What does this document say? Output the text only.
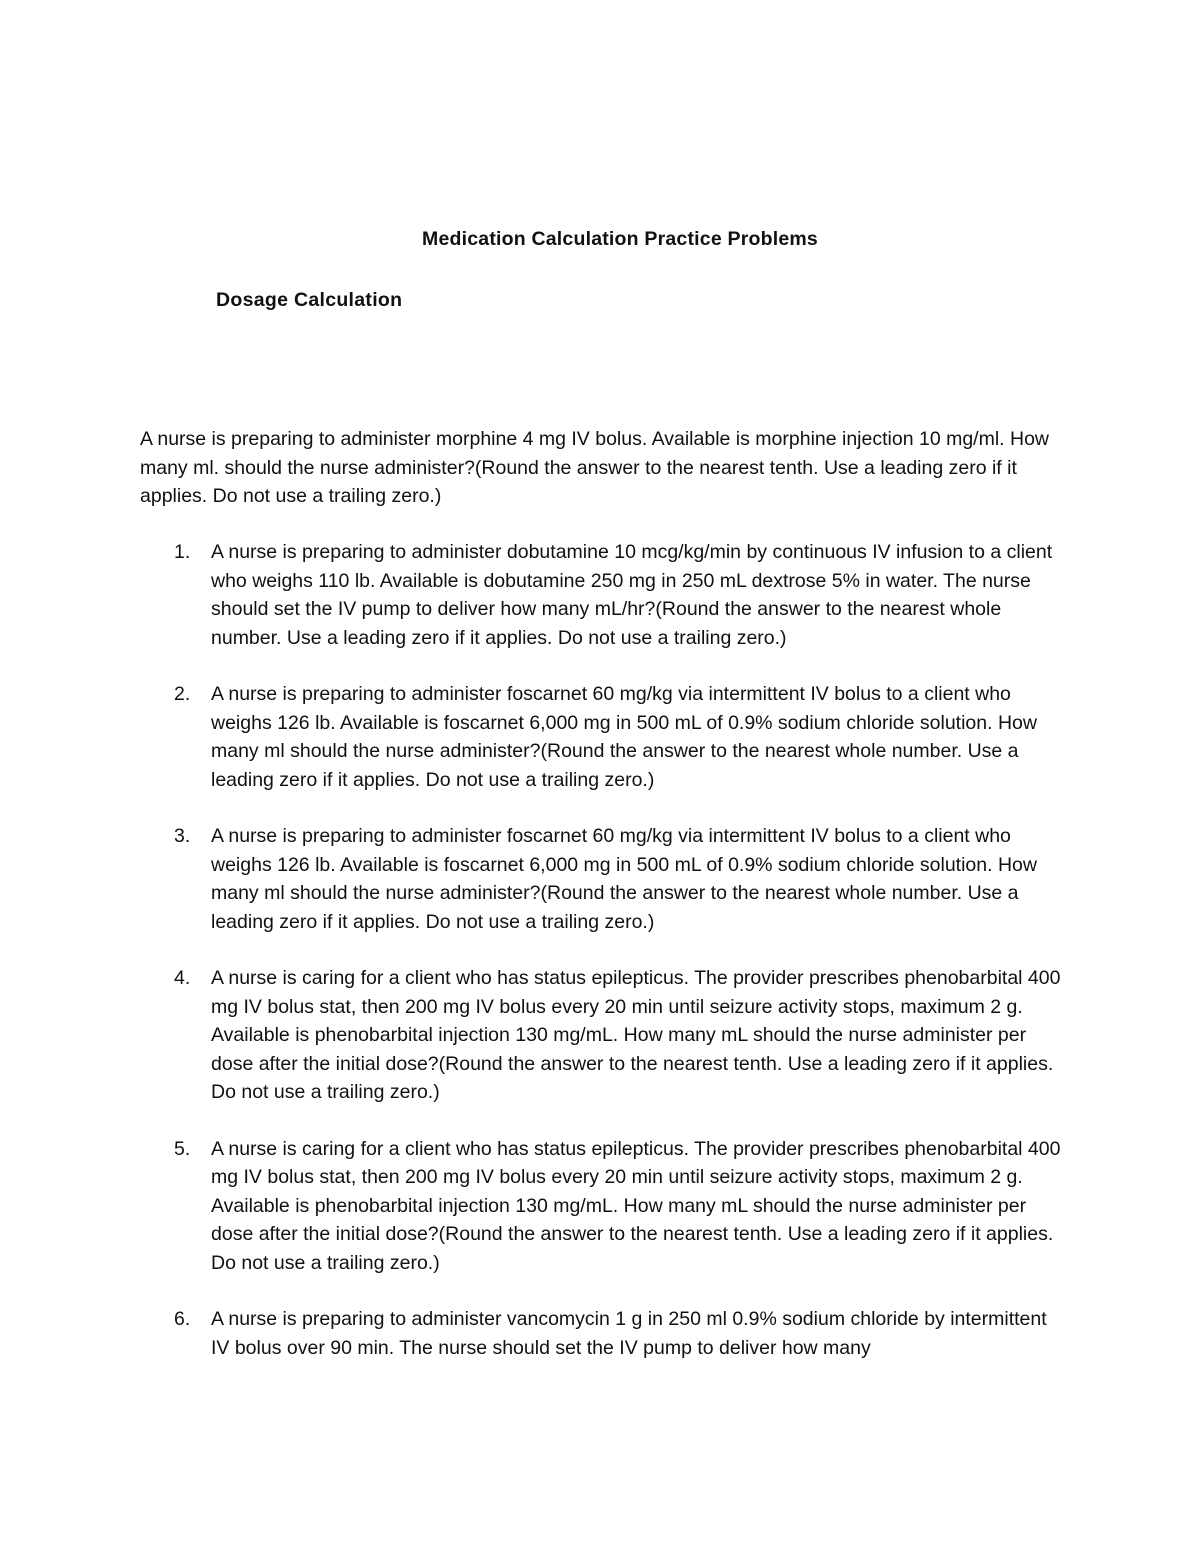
Medication Calculation Practice Problems
Dosage Calculation

A nurse is preparing to administer morphine 4 mg IV bolus. Available is morphine injection 10 mg/ml. How many ml. should the nurse administer?(Round the answer to the nearest tenth. Use a leading zero if it applies. Do not use a trailing zero.)

1. A nurse is preparing to administer dobutamine 10 mcg/kg/min by continuous IV infusion to a client who weighs 110 lb. Available is dobutamine 250 mg in 250 mL dextrose 5% in water. The nurse should set the IV pump to deliver how many mL/hr?(Round the answer to the nearest whole number. Use a leading zero if it applies. Do not use a trailing zero.)
2. A nurse is preparing to administer foscarnet 60 mg/kg via intermittent IV bolus to a client who weighs 126 lb. Available is foscarnet 6,000 mg in 500 mL of 0.9% sodium chloride solution. How many ml should the nurse administer?(Round the answer to the nearest whole number. Use a leading zero if it applies. Do not use a trailing zero.)
3. A nurse is preparing to administer foscarnet 60 mg/kg via intermittent IV bolus to a client who weighs 126 lb. Available is foscarnet 6,000 mg in 500 mL of 0.9% sodium chloride solution. How many ml should the nurse administer?(Round the answer to the nearest whole number. Use a leading zero if it applies. Do not use a trailing zero.)
4. A nurse is caring for a client who has status epilepticus. The provider prescribes phenobarbital 400 mg IV bolus stat, then 200 mg IV bolus every 20 min until seizure activity stops, maximum 2 g. Available is phenobarbital injection 130 mg/mL. How many mL should the nurse administer per dose after the initial dose?(Round the answer to the nearest tenth. Use a leading zero if it applies. Do not use a trailing zero.)
5. A nurse is caring for a client who has status epilepticus. The provider prescribes phenobarbital 400 mg IV bolus stat, then 200 mg IV bolus every 20 min until seizure activity stops, maximum 2 g. Available is phenobarbital injection 130 mg/mL. How many mL should the nurse administer per dose after the initial dose?(Round the answer to the nearest tenth. Use a leading zero if it applies. Do not use a trailing zero.)
6. A nurse is preparing to administer vancomycin 1 g in 250 ml 0.9% sodium chloride by intermittent IV bolus over 90 min. The nurse should set the IV pump to deliver how many
